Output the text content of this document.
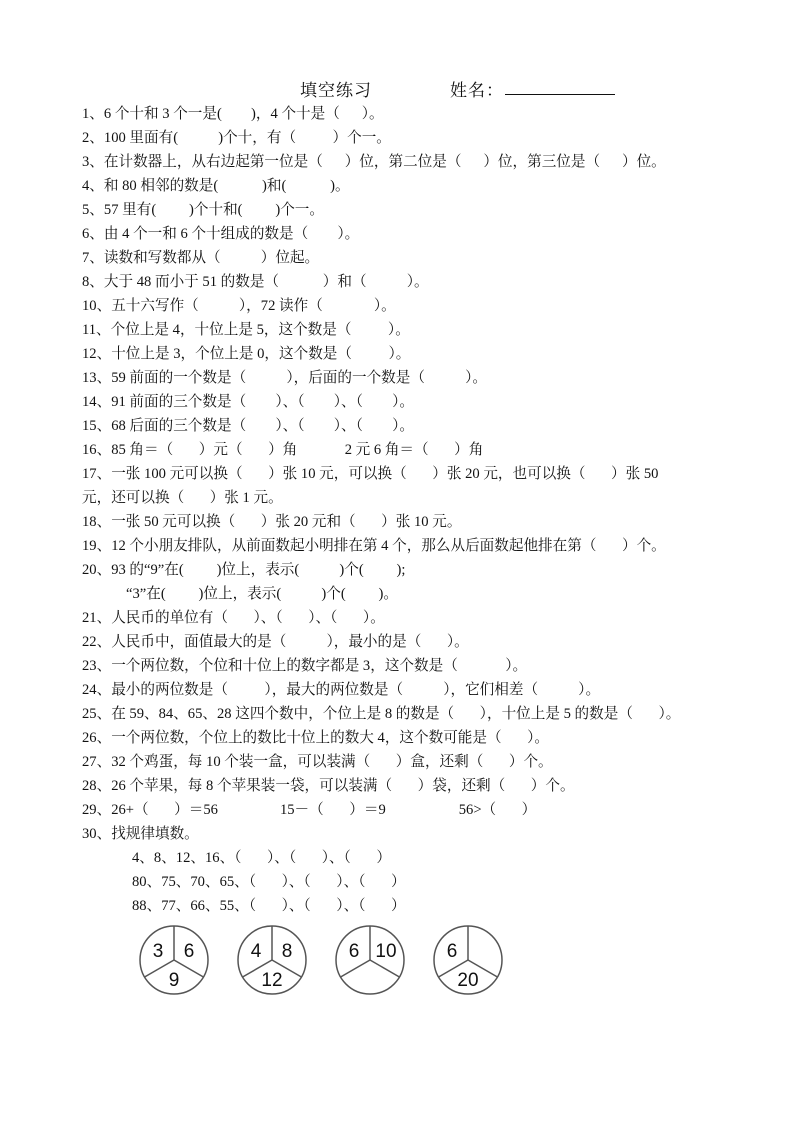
填空练习	姓名：
1、6 个十和 3 个一是(        )，4 个十是（      ）。
2、100 里面有(           )个十，有（          ）个一。
3、在计数器上，从右边起第一位是（      ）位，第二位是（      ）位，第三位是（      ）位。
4、和 80 相邻的数是(            )和(            )。
5、57 里有(         )个十和(         )个一。
6、由 4 个一和 6 个十组成的数是（        ）。
7、读数和写数都从（           ）位起。
8、大于 48 而小于 51 的数是（            ）和（           ）。
10、五十六写作（           ），72 读作（              ）。
11、个位上是 4，十位上是 5，这个数是（          ）。
12、十位上是 3，个位上是 0，这个数是（          ）。
13、59 前面的一个数是（           ），后面的一个数是（           ）。
14、91 前面的三个数是（        ）、（        ）、（        ）。
15、68 后面的三个数是（        ）、（        ）、（        ）。
16、85 角＝（       ）元（       ）角             2 元 6 角＝（       ）角
17、一张 100 元可以换（       ）张 10 元，可以换（       ）张 20 元，也可以换（       ）张 50
元，还可以换（       ）张 1 元。
18、一张 50 元可以换（       ）张 20 元和（       ）张 10 元。
19、12 个小朋友排队，从前面数起小明排在第 4 个，那么从后面数起他排在第（       ）个。
20、93 的“9”在(         )位上，表示(           )个(         );
“3”在(         )位上，表示(           )个(         )。
21、人民币的单位有（       ）、（       ）、（       ）。
22、人民币中，面值最大的是（           ），最小的是（       ）。
23、一个两位数，个位和十位上的数字都是 3，这个数是（             ）。
24、最小的两位数是（          ），最大的两位数是（           ），它们相差（           ）。
25、在 59、84、65、28 这四个数中，个位上是 8 的数是（       ），十位上是 5 的数是（       ）。
26、一个两位数，个位上的数比十位上的数大 4，这个数可能是（       ）。
27、32 个鸡蛋，每 10 个装一盒，可以装满（       ）盒，还剩（       ）个。
28、26 个苹果，每 8 个苹果装一袋，可以装满（       ）袋，还剩（       ）个。
29、26+（       ）＝56                 15－（       ）＝9                    56>（       ）
30、找规律填数。
4、8、12、16、（       ）、（       ）、（       ）
80、75、70、65、（       ）、（       ）、（       ）
88、77、66、55、（       ）、（       ）、（       ）
3 6
9
4 8
12
6 10	6
20
